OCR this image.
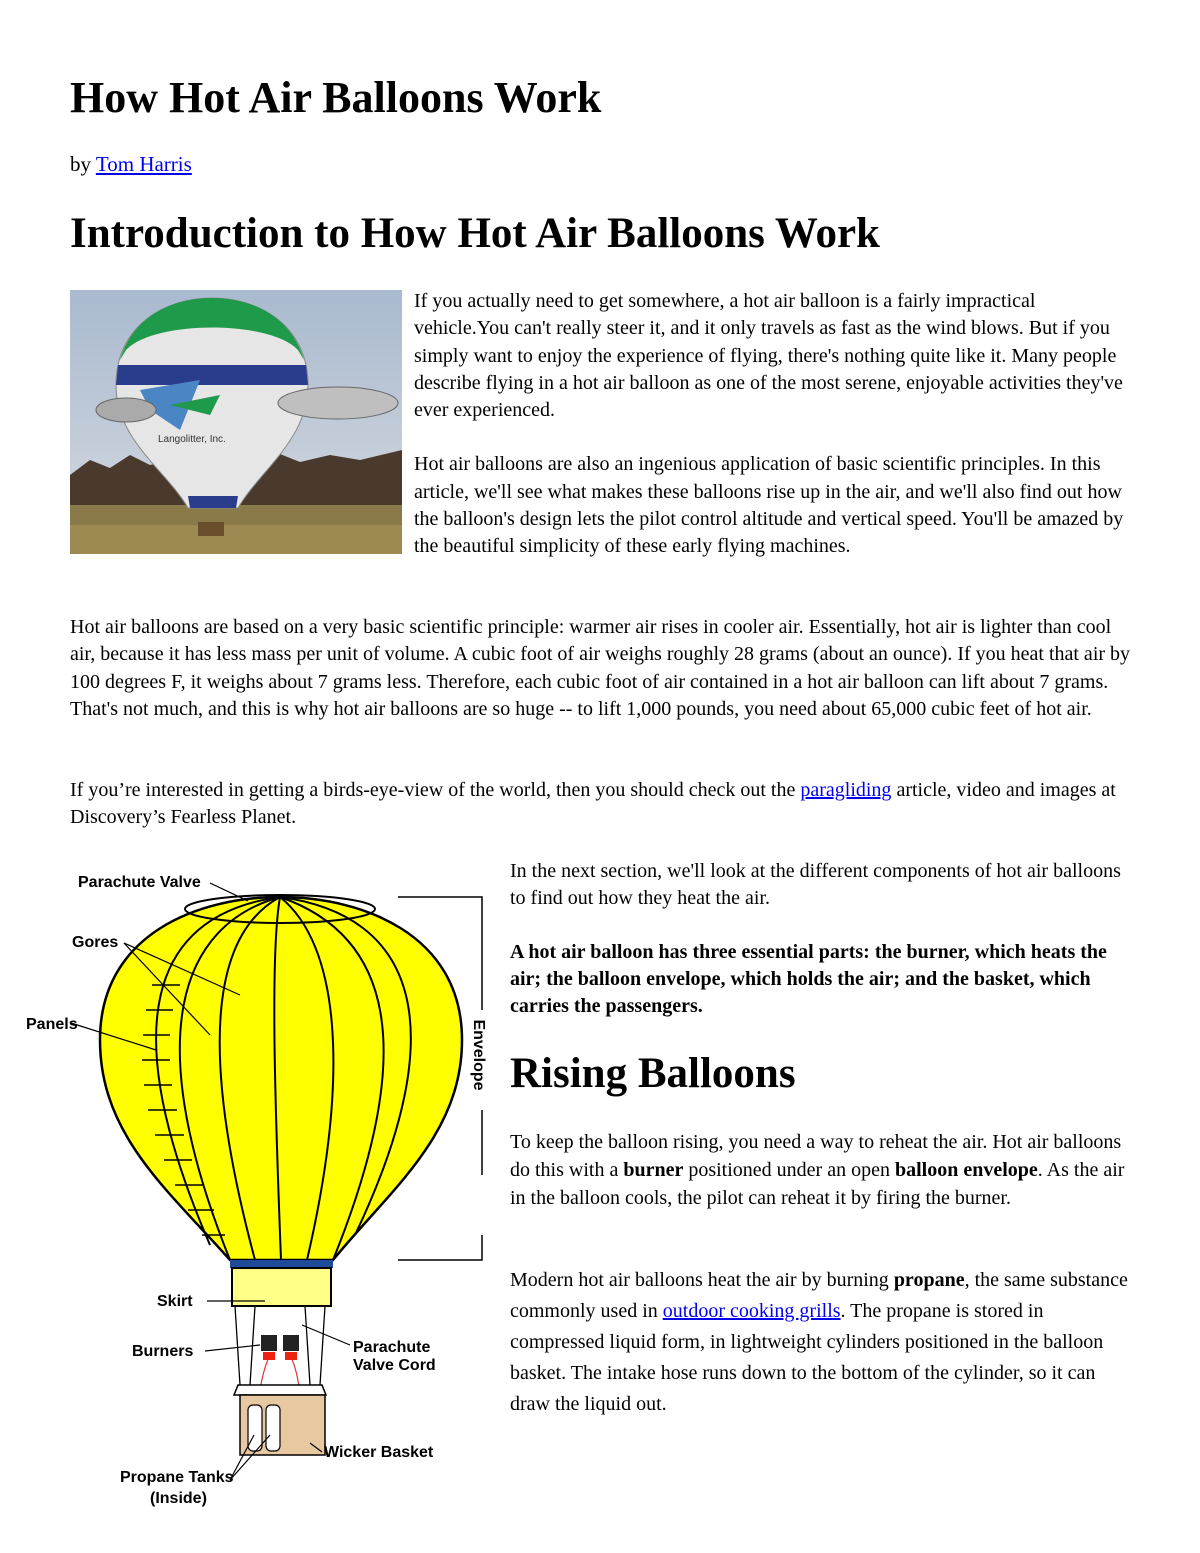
How Hot Air Balloons Work
by Tom Harris
Introduction to How Hot Air Balloons Work
Langolitter, Inc.

If you actually need to get somewhere, a hot air balloon is a fairly impractical vehicle.You can't really steer it, and it only travels as fast as the wind blows. But if you simply want to enjoy the experience of flying, there's nothing quite like it. Many people describe flying in a hot air balloon as one of the most serene, enjoyable activities they've ever experienced.

Hot air balloons are also an ingenious application of basic scientific principles. In this article, we'll see what makes these balloons rise up in the air, and we'll also find out how the balloon's design lets the pilot control altitude and vertical speed. You'll be amazed by the beautiful simplicity of these early flying machines.

Hot air balloons are based on a very basic scientific principle: warmer air rises in cooler air. Essentially, hot air is lighter than cool air, because it has less mass per unit of volume. A cubic foot of air weighs roughly 28 grams (about an ounce). If you heat that air by 100 degrees F, it weighs about 7 grams less. Therefore, each cubic foot of air contained in a hot air balloon can lift about 7 grams. That's not much, and this is why hot air balloons are so huge -- to lift 1,000 pounds, you need about 65,000 cubic feet of hot air.

If you’re interested in getting a birds-eye-view of the world, then you should check out the paragliding article, video and images at Discovery’s Fearless Planet.

Parachute Valve
Gores
Panels
Skirt
Burners	Parachute
Valve Cord
Wicker Basket
Propane Tanks
(Inside)
Envelope

In the next section, we'll look at the different components of hot air balloons to find out how they heat the air.

A hot air balloon has three essential parts: the burner, which heats the air; the balloon envelope, which holds the air; and the basket, which carries the passengers.

Rising Balloons

To keep the balloon rising, you need a way to reheat the air. Hot air balloons do this with a burner positioned under an open balloon envelope. As the air in the balloon cools, the pilot can reheat it by firing the burner.

Modern hot air balloons heat the air by burning propane, the same substance commonly used in outdoor cooking grills. The propane is stored in compressed liquid form, in lightweight cylinders positioned in the balloon basket. The intake hose runs down to the bottom of the cylinder, so it can draw the liquid out.
